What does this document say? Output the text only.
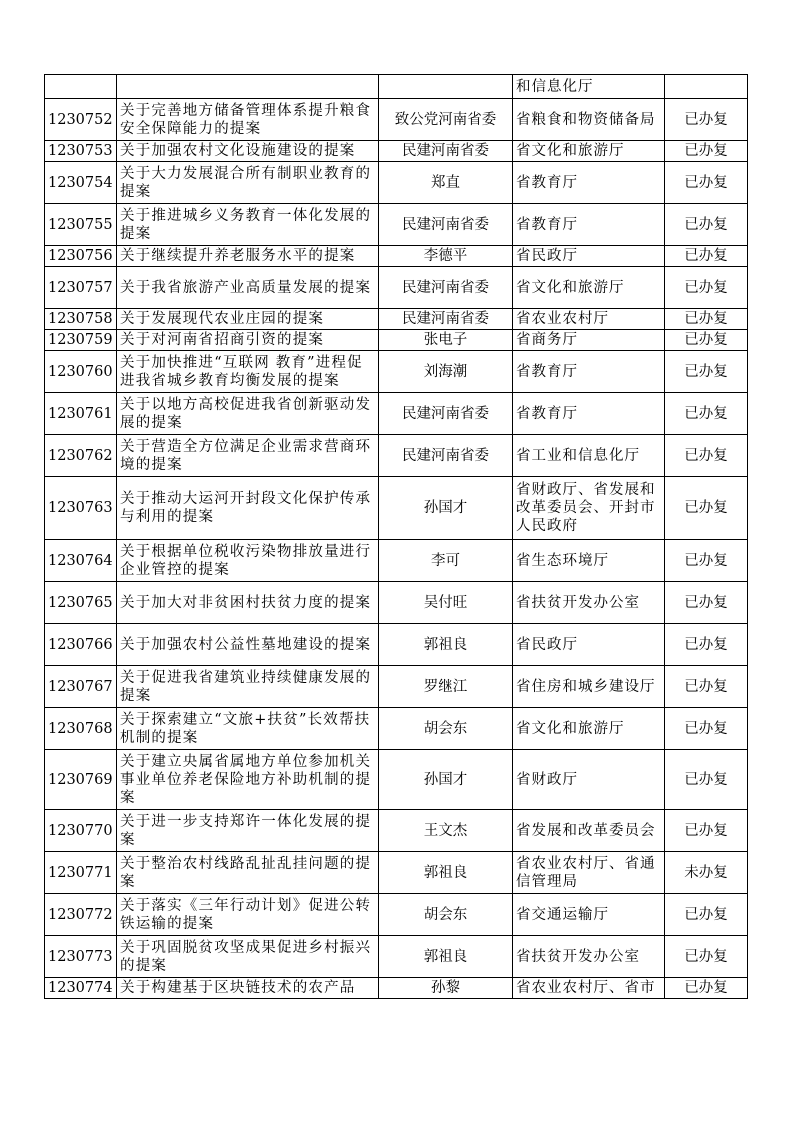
			和信息化厅	

1230752	关于完善地方储备管理体系提升粮食安全保障能力的提案	致公党河南省委	省粮食和物资储备局	已办复

1230753	关于加强农村文化设施建设的提案	民建河南省委	省文化和旅游厅	已办复

1230754	关于大力发展混合所有制职业教育的提案	郑直	省教育厅	已办复

1230755	关于推进城乡义务教育一体化发展的提案	民建河南省委	省教育厅	已办复

1230756	关于继续提升养老服务水平的提案	李德平	省民政厅	已办复

1230757	关于我省旅游产业高质量发展的提案	民建河南省委	省文化和旅游厅	已办复

1230758	关于发展现代农业庄园的提案	民建河南省委	省农业农村厅	已办复

1230759	关于对河南省招商引资的提案	张电子	省商务厅	已办复

1230760	关于加快推进“互联网 教育”进程促进我省城乡教育均衡发展的提案	刘海潮	省教育厅	已办复

1230761	关于以地方高校促进我省创新驱动发展的提案	民建河南省委	省教育厅	已办复

1230762	关于营造全方位满足企业需求营商环境的提案	民建河南省委	省工业和信息化厅	已办复

1230763	关于推动大运河开封段文化保护传承与利用的提案	孙国才	省财政厅、省发展和改革委员会、开封市人民政府	已办复

1230764	关于根据单位税收污染物排放量进行企业管控的提案	李可	省生态环境厅	已办复

1230765	关于加大对非贫困村扶贫力度的提案	吴付旺	省扶贫开发办公室	已办复

1230766	关于加强农村公益性墓地建设的提案	郭祖良	省民政厅	已办复

1230767	关于促进我省建筑业持续健康发展的提案	罗继江	省住房和城乡建设厅	已办复

1230768	关于探索建立“文旅+扶贫”长效帮扶机制的提案	胡会东	省文化和旅游厅	已办复

1230769	关于建立央属省属地方单位参加机关事业单位养老保险地方补助机制的提案	孙国才	省财政厅	已办复

1230770	关于进一步支持郑许一体化发展的提案	王文杰	省发展和改革委员会	已办复

1230771	关于整治农村线路乱扯乱挂问题的提案	郭祖良	省农业农村厅、省通信管理局	未办复

1230772	关于落实《三年行动计划》促进公转铁运输的提案	胡会东	省交通运输厅	已办复

1230773	关于巩固脱贫攻坚成果促进乡村振兴的提案	郭祖良	省扶贫开发办公室	已办复

1230774	关于构建基于区块链技术的农产品	孙黎	省农业农村厅、省市	已办复
